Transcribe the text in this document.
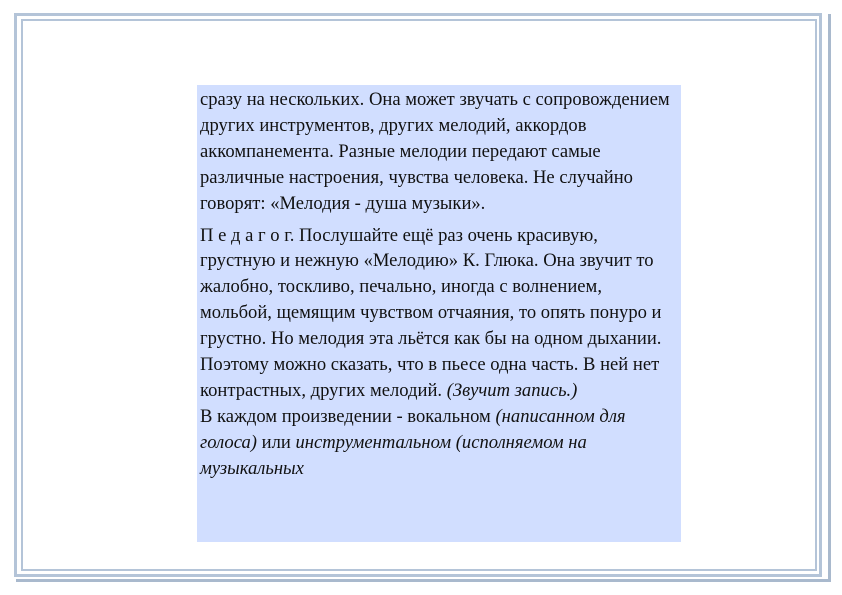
сразу на нескольких. Она может звучать с сопровождением других инструментов, других мелодий, аккордов аккомпанемента. Разные мелодии передают самые различные настроения, чувства человека. Не случайно говорят: «Мелодия - душа музыки».

П е д а г о г. Послушайте ещё раз очень красивую, грустную и нежную «Мелодию» К. Глюка. Она звучит то жалобно, тоскливо, печально, иногда с волнением, мольбой, щемящим чувством отчаяния, то опять понуро и грустно. Но мелодия эта льётся как бы на одном дыхании. Поэтому можно сказать, что в пьесе одна часть. В ней нет контрастных, других мелодий. (Звучит запись.)

В каждом произведении - вокальном (написанном для голоса) или инструментальном (исполняемом на музыкальных
